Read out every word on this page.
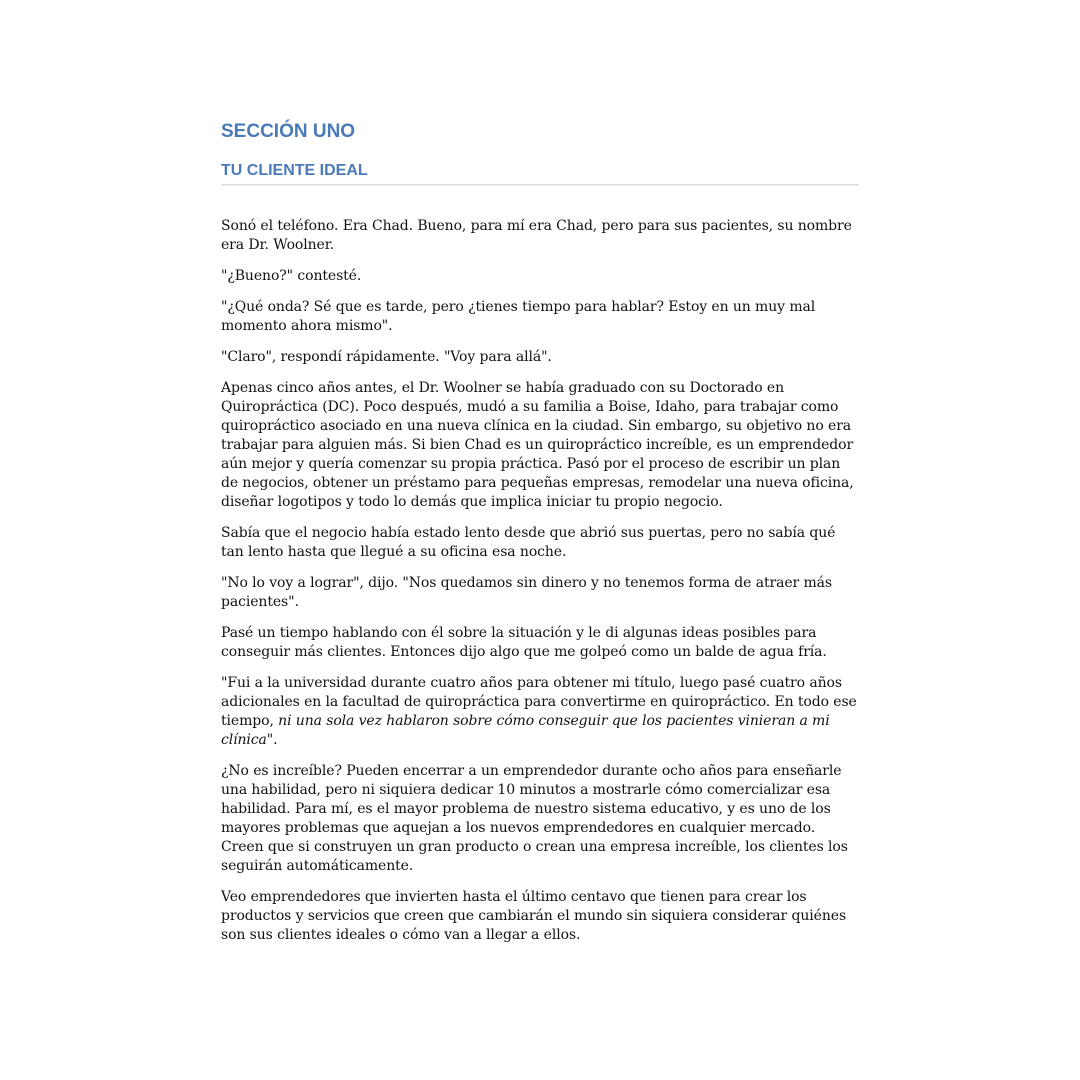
SECCIÓN UNO
TU CLIENTE IDEAL

Sonó el teléfono. Era Chad. Bueno, para mí era Chad, pero para sus pacientes, su nombre era Dr. Woolner.

"¿Bueno?" contesté.

"¿Qué onda? Sé que es tarde, pero ¿tienes tiempo para hablar? Estoy en un muy mal momento ahora mismo".

"Claro", respondí rápidamente. "Voy para allá".

Apenas cinco años antes, el Dr. Woolner se había graduado con su Doctorado en Quiropráctica (DC). Poco después, mudó a su familia a Boise, Idaho, para trabajar como quiropráctico asociado en una nueva clínica en la ciudad. Sin embargo, su objetivo no era trabajar para alguien más. Si bien Chad es un quiropráctico increíble, es un emprendedor aún mejor y quería comenzar su propia práctica. Pasó por el proceso de escribir un plan de negocios, obtener un préstamo para pequeñas empresas, remodelar una nueva oficina, diseñar logotipos y todo lo demás que implica iniciar tu propio negocio.

Sabía que el negocio había estado lento desde que abrió sus puertas, pero no sabía qué tan lento hasta que llegué a su oficina esa noche.

"No lo voy a lograr", dijo. "Nos quedamos sin dinero y no tenemos forma de atraer más pacientes".

Pasé un tiempo hablando con él sobre la situación y le di algunas ideas posibles para conseguir más clientes. Entonces dijo algo que me golpeó como un balde de agua fría.

"Fui a la universidad durante cuatro años para obtener mi título, luego pasé cuatro años adicionales en la facultad de quiropráctica para convertirme en quiropráctico. En todo ese tiempo, ni una sola vez hablaron sobre cómo conseguir que los pacientes vinieran a mi clínica".

¿No es increíble? Pueden encerrar a un emprendedor durante ocho años para enseñarle una habilidad, pero ni siquiera dedicar 10 minutos a mostrarle cómo comercializar esa habilidad. Para mí, es el mayor problema de nuestro sistema educativo, y es uno de los mayores problemas que aquejan a los nuevos emprendedores en cualquier mercado. Creen que si construyen un gran producto o crean una empresa increíble, los clientes los seguirán automáticamente.

Veo emprendedores que invierten hasta el último centavo que tienen para crear los productos y servicios que creen que cambiarán el mundo sin siquiera considerar quiénes son sus clientes ideales o cómo van a llegar a ellos.
